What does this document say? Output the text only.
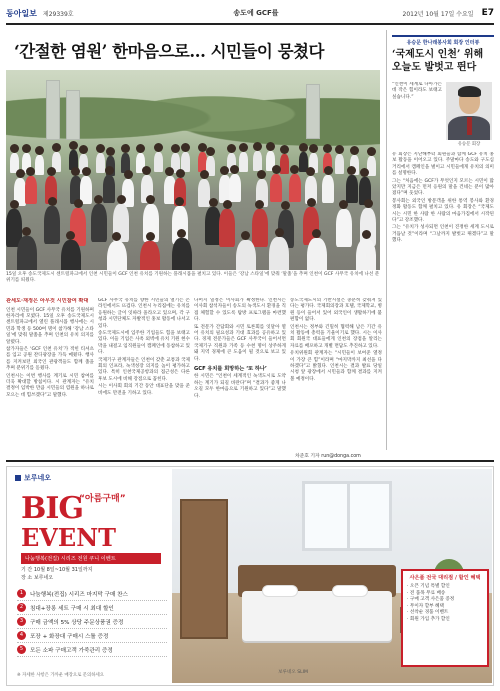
동아일보 제29339호	송도에 GCF를	2012년 10월 17일 수요일 E7
‘간절한 염원’ 한마음으로… 시민들이 뭉쳤다
15일 오후 송도국제도시 센트럴파크에서 인천 시민들이 GCF 인천 유치를 기원하는 플래시몹을 펼치고 있다. 이들은 ‘강남 스타일’에 맞춰 ‘말춤’을 추며 인천이 GCF 사무국 유치에 나선 분위기를 띄웠다.
관세도·재정은 아무것 시민참여 확대

인천 시민들이 GCF 사무국 유치를 기원하며 한자리에 모였다. 15일 오후 송도국제도시 센트럴파크에서 열린 플래시몹 행사에는 시민과 학생 등 500여 명이 참가해 ‘강남 스타일’에 맞춰 말춤을 추며 인천의 유치 의지를 알렸다.

참가자들은 ‘GCF 인천 유치’가 적힌 티셔츠를 입고 공원 잔디광장을 가득 메웠다. 행사를 지켜보던 외국인 관광객들도 함께 춤을 추며 분위기를 돋웠다.

인천시는 이번 행사를 계기로 시민 참여를 더욱 확대할 방침이다. 시 관계자는 “유치 결정이 임박한 만큼 시민들의 염원을 하나로 모으는 데 힘쓰겠다”고 말했다.

GCF 사무국 유치를 향한 시민들의 열기는 온라인에서도 뜨겁다. 인천시 누리집에는 유치를 응원하는 글이 잇따라 올라오고 있으며, 각 구청과 시민단체도 자발적인 홍보 활동에 나서고 있다.

송도국제도시에 입주한 기업들도 힘을 보태고 있다. 이들 기업은 사옥 외벽에 유치 기원 현수막을 내걸고 임직원들이 캠페인에 동참하고 있다.

국제기구 관계자들은 인천이 갖춘 교통과 국제회의 인프라, 녹색성장 의지를 높이 평가하고 있다. 특히 인천국제공항과의 접근성은 다른 후보 도시에 비해 강점으로 꼽힌다.

시는 이사회 회의 기간 동안 대표단을 맞을 준비에도 만전을 기하고 있다.

나머지 일정은 이사회가 확정한다. 인천시는 이사회 참석자들이 송도의 녹색도시 환경을 직접 체험할 수 있도록 탐방 프로그램을 마련했다.

또 전문가 간담회와 시민 토론회를 잇달아 열어 유치의 필요성과 기대 효과를 공유하고 있다. 경제 전문가들은 GCF 사무국이 들어서면 국제기구 직원과 가족 등 수천 명이 상주하게 돼 지역 경제에 큰 도움이 될 것으로 보고 있다.

GCF 유치를 희망하는 ‘또 하나’

한 시민은 “인천이 세계적인 녹색도시로 도약하는 계기가 되길 바란다”며 “결과가 좋게 나오길 모두 한마음으로 기원하고 있다”고 말했다.

송도국제도시의 기반시설은 충분히 갖춰져 있다는 평가다. 국제회의장과 호텔, 국제학교, 병원 등이 들어서 있어 외국인이 생활하기에 불편함이 없다.

인천시는 정부와 긴밀히 협력해 남은 기간 유치 활동에 총력을 기울이기로 했다. 시는 이사회 회원국 대표들에게 인천의 장점을 알리는 자료를 배포하고 개별 면담도 추진하고 있다.

유치위원회 관계자는 “시민들이 보여준 열정이 가장 큰 힘”이라며 “마지막까지 최선을 다하겠다”고 밝혔다. 인천시는 결과 발표 당일 시청 앞 광장에서 시민들과 함께 결과를 지켜볼 예정이다.

차준호 기자 run@donga.com
유승문 한나래봉사회 회장 인터뷰
‘국제도시 인천’ 위해 오늘도 발벗고 뛴다
유승문 회장

“인천이 세계로 나아가는 데 작은 힘이라도 보태고 싶습니다.”

유 회장은 지난해부터 회원들과 함께 GCF 유치 홍보 활동을 이어오고 있다. 주말마다 송도와 구도심 거리에서 캠페인을 벌이고 시민들에게 유치의 의미를 설명한다.

그는 “처음에는 GCF가 무엇인지 모르는 시민이 많았지만 지금은 먼저 응원의 말을 건네는 분이 많아졌다”며 웃었다.

봉사회는 외국인 방문객을 위한 통역 봉사와 환경 정화 활동도 함께 펼치고 있다. 유 회장은 “국제도시는 시민 한 사람 한 사람의 마음가짐에서 시작된다”고 강조했다.

그는 “유치가 성사되면 인천이 진정한 세계 도시로 거듭날 것”이라며 “그날까지 발벗고 뛰겠다”고 말했다.

보루네오
BIG
“아름구매”
EVENT
나눔행복(전집) 시리즈 전원 쿠니 이벤트
기 간 10월 8일~10월 31일까지
장 소 보루네오
1	나눔행복(전집) 시리즈 마지막 구매 찬스
2	침대+장롱 세트 구매 시 최대 할인
3	구매 금액의 5% 상당 주문상품권 증정
4	포장 + 화장대 구매시 스툴 증정
5	모든 소파 구매고객 가죽관리 증정
※ 자세한 사항은 가까운 매장으로 문의하세요
보루네오 SLIM
사은품 전국 대리점 / 할인 혜택
· 오픈 기념 특별 할인
· 전 품목 무료 배송
· 구매 고객 사은품 증정
· 무이자 할부 혜택
· 선착순 경품 이벤트
· 회원 가입 추가 할인
